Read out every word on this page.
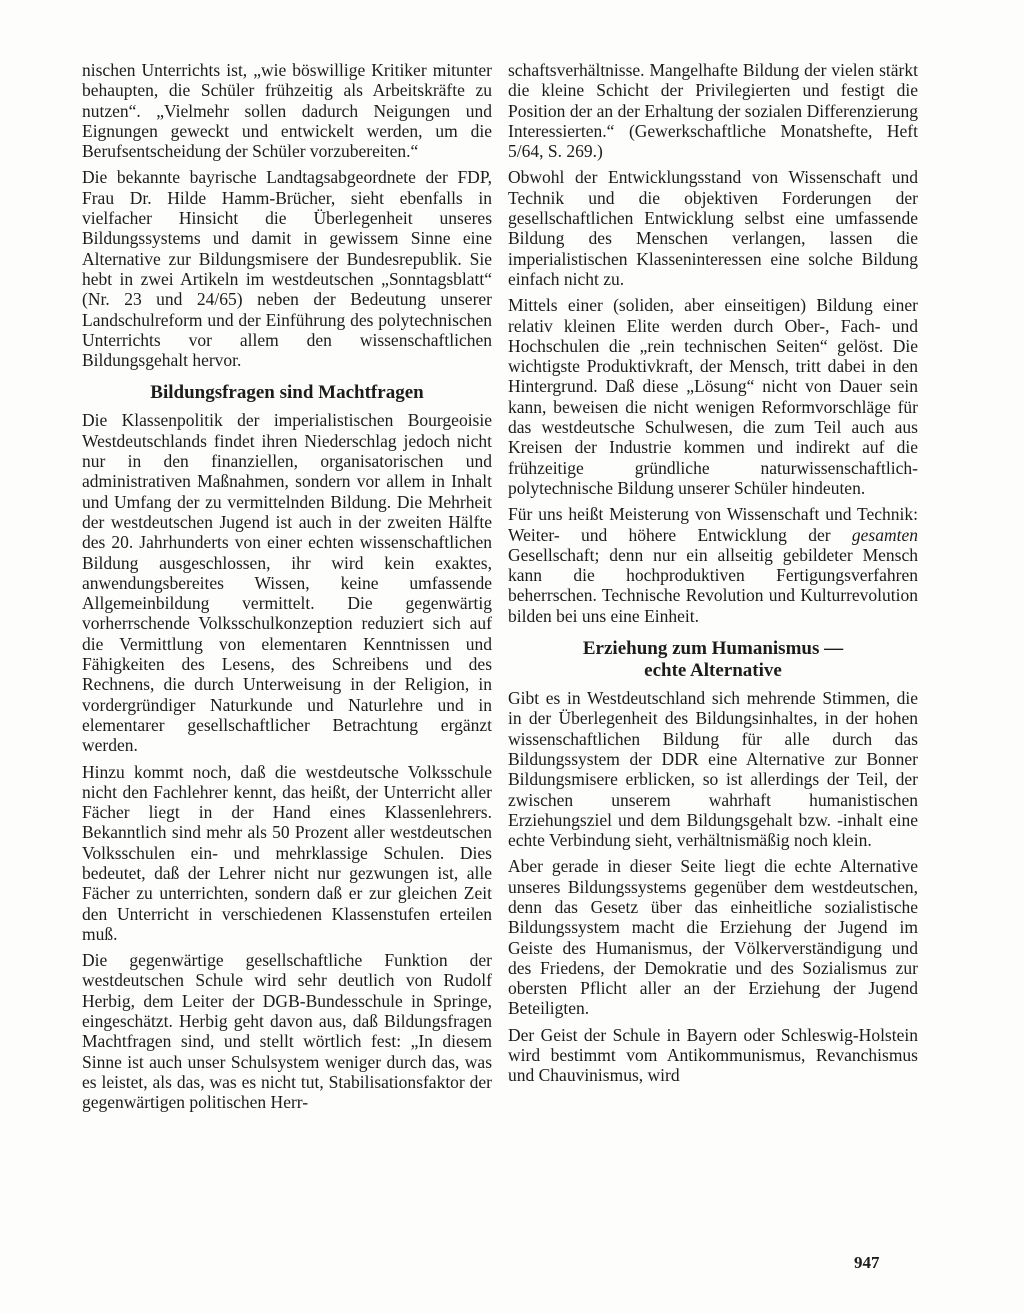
nischen Unterrichts ist, „wie böswillige Kritiker mitunter behaupten, die Schüler frühzeitig als Arbeitskräfte zu nutzen“. „Vielmehr sollen dadurch Neigungen und Eignungen geweckt und entwickelt werden, um die Berufsentscheidung der Schüler vorzubereiten.“

Die bekannte bayrische Landtagsabgeordnete der FDP, Frau Dr. Hilde Hamm-Brücher, sieht ebenfalls in vielfacher Hinsicht die Überlegenheit unseres Bildungssystems und damit in gewissem Sinne eine Alternative zur Bildungsmisere der Bundesrepublik. Sie hebt in zwei Artikeln im westdeutschen „Sonntagsblatt“ (Nr. 23 und 24/65) neben der Bedeutung unserer Landschulreform und der Einführung des polytechnischen Unterrichts vor allem den wissenschaftlichen Bildungsgehalt hervor.

Bildungsfragen sind Machtfragen

Die Klassenpolitik der imperialistischen Bourgeoisie Westdeutschlands findet ihren Niederschlag jedoch nicht nur in den finanziellen, organisatorischen und administrativen Maßnahmen, sondern vor allem in Inhalt und Umfang der zu vermittelnden Bildung. Die Mehrheit der westdeutschen Jugend ist auch in der zweiten Hälfte des 20. Jahrhunderts von einer echten wissenschaftlichen Bildung ausgeschlossen, ihr wird kein exaktes, anwendungsbereites Wissen, keine umfassende Allgemeinbildung vermittelt. Die gegenwärtig vorherrschende Volksschulkonzeption reduziert sich auf die Vermittlung von elementaren Kenntnissen und Fähigkeiten des Lesens, des Schreibens und des Rechnens, die durch Unterweisung in der Religion, in vordergründiger Naturkunde und Naturlehre und in elementarer gesellschaftlicher Betrachtung ergänzt werden.

Hinzu kommt noch, daß die westdeutsche Volksschule nicht den Fachlehrer kennt, das heißt, der Unterricht aller Fächer liegt in der Hand eines Klassenlehrers. Bekanntlich sind mehr als 50 Prozent aller westdeutschen Volksschulen ein- und mehrklassige Schulen. Dies bedeutet, daß der Lehrer nicht nur gezwungen ist, alle Fächer zu unterrichten, sondern daß er zur gleichen Zeit den Unterricht in verschiedenen Klassenstufen erteilen muß.

Die gegenwärtige gesellschaftliche Funktion der westdeutschen Schule wird sehr deutlich von Rudolf Herbig, dem Leiter der DGB-Bundesschule in Springe, eingeschätzt. Herbig geht davon aus, daß Bildungsfragen Machtfragen sind, und stellt wörtlich fest: „In diesem Sinne ist auch unser Schulsystem weniger durch das, was es leistet, als das, was es nicht tut, Stabilisationsfaktor der gegenwärtigen politischen Herr-

schaftsverhältnisse. Mangelhafte Bildung der vielen stärkt die kleine Schicht der Privilegierten und festigt die Position der an der Erhaltung der sozialen Differenzierung Interessierten.“ (Gewerkschaftliche Monatshefte, Heft 5/64, S. 269.)

Obwohl der Entwicklungsstand von Wissenschaft und Technik und die objektiven Forderungen der gesellschaftlichen Entwicklung selbst eine umfassende Bildung des Menschen verlangen, lassen die imperialistischen Klasseninteressen eine solche Bildung einfach nicht zu.

Mittels einer (soliden, aber einseitigen) Bildung einer relativ kleinen Elite werden durch Ober-, Fach- und Hochschulen die „rein technischen Seiten“ gelöst. Die wichtigste Produktivkraft, der Mensch, tritt dabei in den Hintergrund. Daß diese „Lösung“ nicht von Dauer sein kann, beweisen die nicht wenigen Reformvorschläge für das westdeutsche Schulwesen, die zum Teil auch aus Kreisen der Industrie kommen und indirekt auf die frühzeitige gründliche naturwissenschaftlich-polytechnische Bildung unserer Schüler hindeuten.

Für uns heißt Meisterung von Wissenschaft und Technik: Weiter- und höhere Entwicklung der gesamten Gesellschaft; denn nur ein allseitig gebildeter Mensch kann die hochproduktiven Fertigungsverfahren beherrschen. Technische Revolution und Kulturrevolution bilden bei uns eine Einheit.

Erziehung zum Humanismus —
echte Alternative

Gibt es in Westdeutschland sich mehrende Stimmen, die in der Überlegenheit des Bildungsinhaltes, in der hohen wissenschaftlichen Bildung für alle durch das Bildungssystem der DDR eine Alternative zur Bonner Bildungsmisere erblicken, so ist allerdings der Teil, der zwischen unserem wahrhaft humanistischen Erziehungsziel und dem Bildungsgehalt bzw. -inhalt eine echte Verbindung sieht, verhältnismäßig noch klein.

Aber gerade in dieser Seite liegt die echte Alternative unseres Bildungssystems gegenüber dem westdeutschen, denn das Gesetz über das einheitliche sozialistische Bildungssystem macht die Erziehung der Jugend im Geiste des Humanismus, der Völkerverständigung und des Friedens, der Demokratie und des Sozialismus zur obersten Pflicht aller an der Erziehung der Jugend Beteiligten.

Der Geist der Schule in Bayern oder Schleswig-Holstein wird bestimmt vom Antikommunismus, Revanchismus und Chauvinismus, wird

947
